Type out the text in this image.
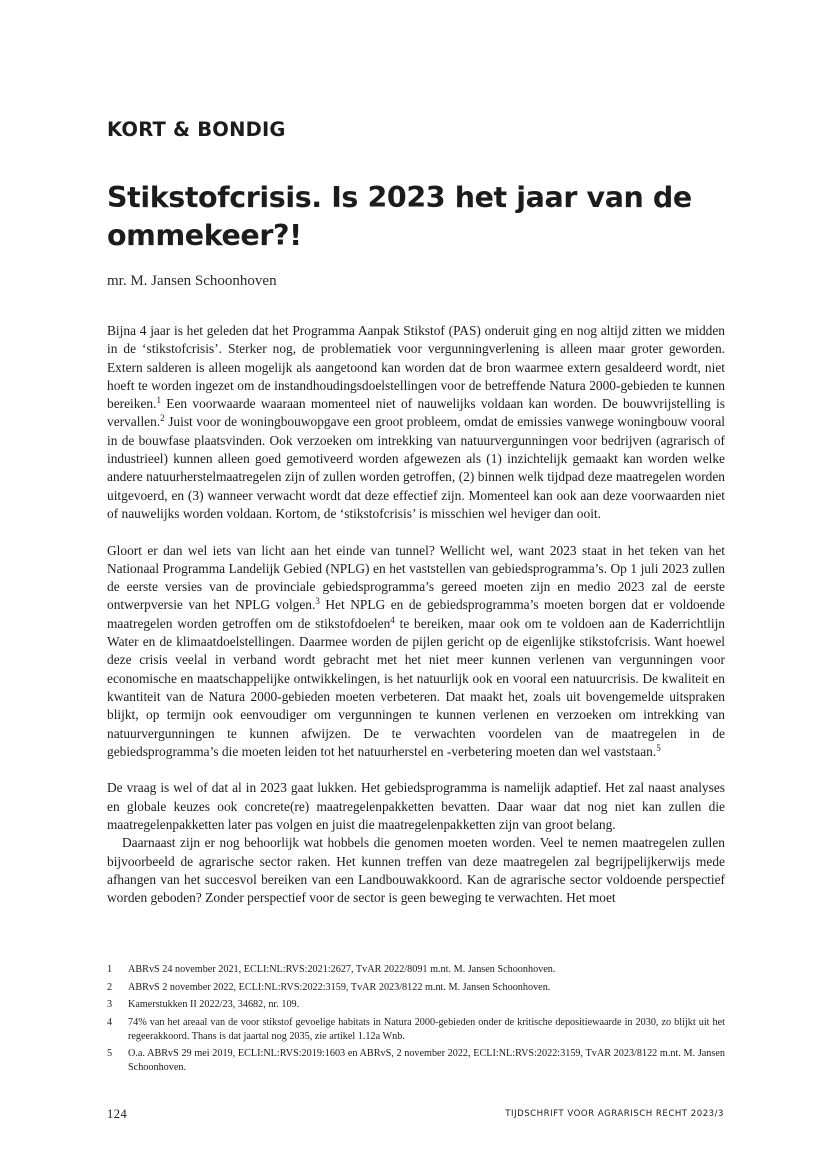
KORT & BONDIG
Stikstofcrisis. Is 2023 het jaar van de ommekeer?!

mr. M. Jansen Schoonhoven

Bijna 4 jaar is het geleden dat het Programma Aanpak Stikstof (PAS) onderuit ging en nog altijd zitten we midden in de ‘stikstofcrisis’. Sterker nog, de problematiek voor vergunningverlening is alleen maar groter geworden. Extern salderen is alleen mogelijk als aangetoond kan worden dat de bron waarmee extern gesaldeerd wordt, niet hoeft te worden ingezet om de instandhoudingsdoelstellingen voor de betreffende Natura 2000-gebieden te kunnen bereiken.$^1$ Een voorwaarde waaraan momenteel niet of nauwelijks voldaan kan worden. De bouwvrijstelling is vervallen.$^2$ Juist voor de woningbouwopgave een groot probleem, omdat de emissies vanwege woningbouw vooral in de bouwfase plaatsvinden. Ook verzoeken om intrekking van natuurvergunningen voor bedrijven (agrarisch of industrieel) kunnen alleen goed gemotiveerd worden afgewezen als (1) inzichtelijk gemaakt kan worden welke andere natuurherstelmaatregelen zijn of zullen worden getroffen, (2) binnen welk tijdpad deze maatregelen worden uitgevoerd, en (3) wanneer verwacht wordt dat deze effectief zijn. Momenteel kan ook aan deze voorwaarden niet of nauwelijks worden voldaan. Kortom, de ‘stikstofcrisis’ is misschien wel heviger dan ooit.

Gloort er dan wel iets van licht aan het einde van tunnel? Wellicht wel, want 2023 staat in het teken van het Nationaal Programma Landelijk Gebied (NPLG) en het vaststellen van gebiedsprogramma’s. Op 1 juli 2023 zullen de eerste versies van de provinciale gebiedsprogramma’s gereed moeten zijn en medio 2023 zal de eerste ontwerpversie van het NPLG volgen.$^3$ Het NPLG en de gebiedsprogramma’s moeten borgen dat er voldoende maatregelen worden getroffen om de stikstofdoelen$^4$ te bereiken, maar ook om te voldoen aan de Kaderrichtlijn Water en de klimaatdoelstellingen. Daarmee worden de pijlen gericht op de eigenlijke stikstofcrisis. Want hoewel deze crisis veelal in verband wordt gebracht met het niet meer kunnen verlenen van vergunningen voor economische en maatschappelijke ontwikkelingen, is het natuurlijk ook en vooral een natuurcrisis. De kwaliteit en kwantiteit van de Natura 2000-gebieden moeten verbeteren. Dat maakt het, zoals uit bovengemelde uitspraken blijkt, op termijn ook eenvoudiger om vergunningen te kunnen verlenen en verzoeken om intrekking van natuurvergunningen te kunnen afwijzen. De te verwachten voordelen van de maatregelen in de gebiedsprogramma’s die moeten leiden tot het natuurherstel en -verbetering moeten dan wel vaststaan.$^5$

De vraag is wel of dat al in 2023 gaat lukken. Het gebiedsprogramma is namelijk adaptief. Het zal naast analyses en globale keuzes ook concrete(re) maatregelenpakketten bevatten. Daar waar dat nog niet kan zullen die maatregelenpakketten later pas volgen en juist die maatregelenpakketten zijn van groot belang.

Daarnaast zijn er nog behoorlijk wat hobbels die genomen moeten worden. Veel te nemen maatregelen zullen bijvoorbeeld de agrarische sector raken. Het kunnen treffen van deze maatregelen zal begrijpelijkerwijs mede afhangen van het succesvol bereiken van een Landbouwakkoord. Kan de agrarische sector voldoende perspectief worden geboden? Zonder perspectief voor de sector is geen beweging te verwachten. Het moet

1	ABRvS 24 november 2021, ECLI:NL:RVS:2021:2627, TvAR 2022/8091 m.nt. M. Jansen Schoonhoven.
2	ABRvS 2 november 2022, ECLI:NL:RVS:2022:3159, TvAR 2023/8122 m.nt. M. Jansen Schoonhoven.
3	Kamerstukken II 2022/23, 34682, nr. 109.
4	74% van het areaal van de voor stikstof gevoelige habitats in Natura 2000-gebieden onder de kritische depositiewaarde in 2030, zo blijkt uit het regeerakkoord. Thans is dat jaartal nog 2035, zie artikel 1.12a Wnb.
5	O.a. ABRvS 29 mei 2019, ECLI:NL:RVS:2019:1603 en ABRvS, 2 november 2022, ECLI:NL:RVS:2022:3159, TvAR 2023/8122 m.nt. M. Jansen Schoonhoven.

124	TIJDSCHRIFT VOOR AGRARISCH RECHT 2023/3
